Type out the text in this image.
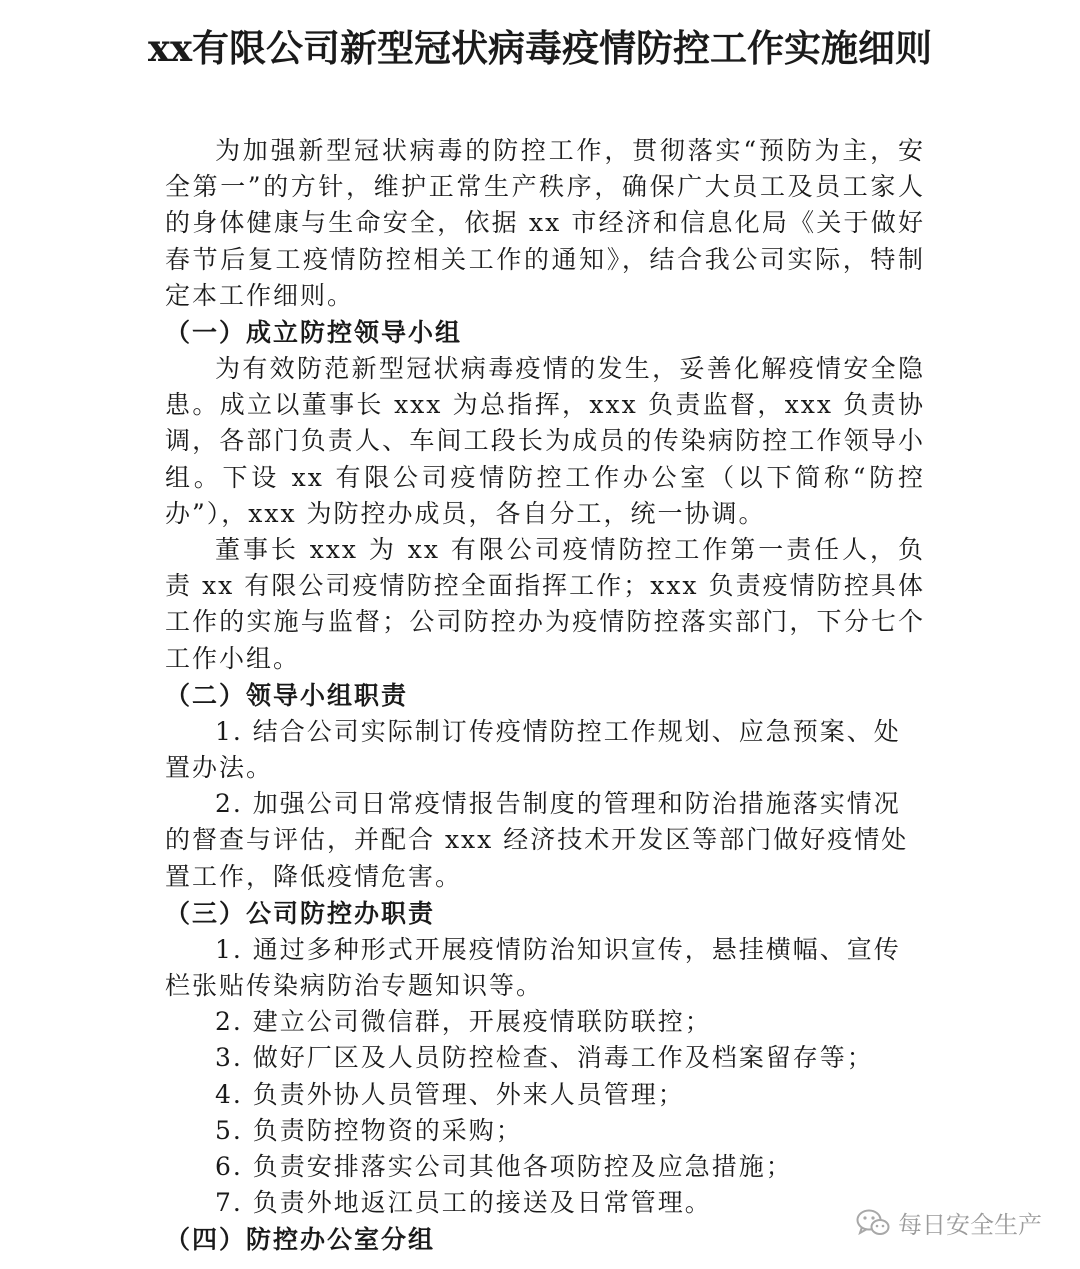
xx有限公司新型冠状病毒疫情防控工作实施细则

为加强新型冠状病毒的防控工作，贯彻落实“预防为主，安全第一”的方针，维护正常生产秩序，确保广大员工及员工家人的身体健康与生命安全，依据 xx 市经济和信息化局《关于做好春节后复工疫情防控相关工作的通知》，结合我公司实际，特制定本工作细则。

（一）成立防控领导小组

为有效防范新型冠状病毒疫情的发生，妥善化解疫情安全隐患。成立以董事长 xxx 为总指挥，xxx 负责监督，xxx 负责协调，各部门负责人、车间工段长为成员的传染病防控工作领导小组。下设 xx 有限公司疫情防控工作办公室（以下简称“防控办”），xxx 为防控办成员，各自分工，统一协调。

董事长 xxx 为 xx 有限公司疫情防控工作第一责任人，负责 xx 有限公司疫情防控全面指挥工作；xxx 负责疫情防控具体工作的实施与监督；公司防控办为疫情防控落实部门，下分七个工作小组。

（二）领导小组职责

1. 结合公司实际制订传疫情防控工作规划、应急预案、处置办法。

2. 加强公司日常疫情报告制度的管理和防治措施落实情况的督查与评估，并配合 xxx 经济技术开发区等部门做好疫情处置工作，降低疫情危害。

（三）公司防控办职责

1. 通过多种形式开展疫情防治知识宣传，悬挂横幅、宣传栏张贴传染病防治专题知识等。

2. 建立公司微信群，开展疫情联防联控；

3. 做好厂区及人员防控检查、消毒工作及档案留存等；

4. 负责外协人员管理、外来人员管理；

5. 负责防控物资的采购；

6. 负责安排落实公司其他各项防控及应急措施；

7. 负责外地返江员工的接送及日常管理。

（四）防控办公室分组

每日安全生产
